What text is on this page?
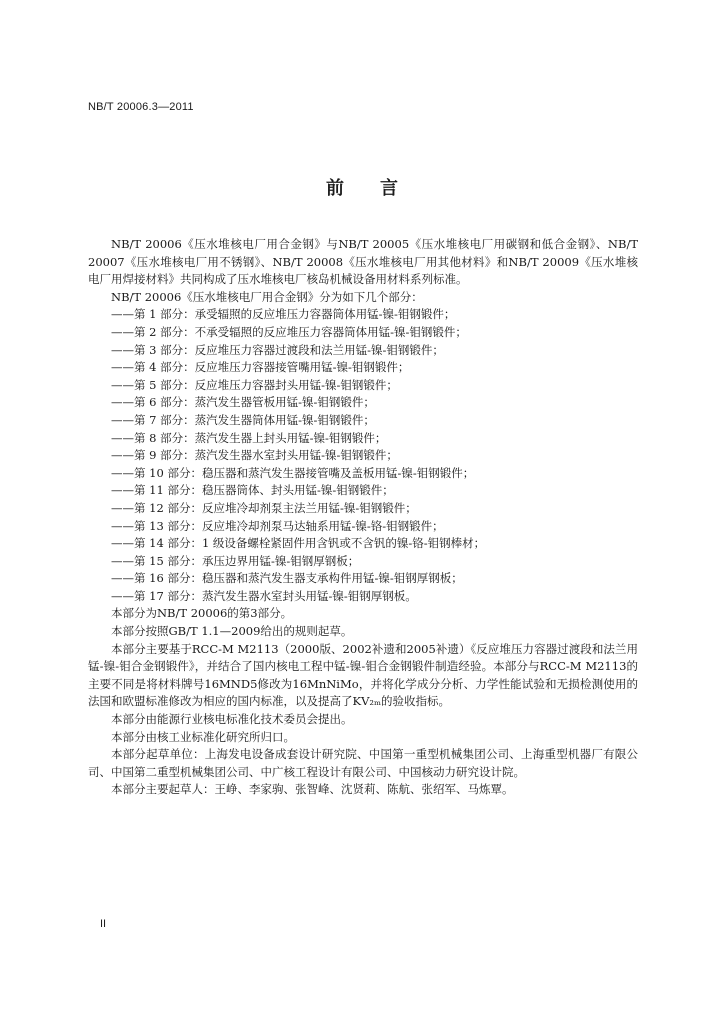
NB/T 20006.3—2011
前言

NB/T 20006《压水堆核电厂用合金钢》与NB/T 20005《压水堆核电厂用碳钢和低合金钢》、NB/T 20007《压水堆核电厂用不锈钢》、NB/T 20008《压水堆核电厂用其他材料》和NB/T 20009《压水堆核电厂用焊接材料》共同构成了压水堆核电厂核岛机械设备用材料系列标准。

NB/T 20006《压水堆核电厂用合金钢》分为如下几个部分：

——第 1 部分：承受辐照的反应堆压力容器筒体用锰-镍-钼钢锻件；

——第 2 部分：不承受辐照的反应堆压力容器筒体用锰-镍-钼钢锻件；

——第 3 部分：反应堆压力容器过渡段和法兰用锰-镍-钼钢锻件；

——第 4 部分：反应堆压力容器接管嘴用锰-镍-钼钢锻件；

——第 5 部分：反应堆压力容器封头用锰-镍-钼钢锻件；

——第 6 部分：蒸汽发生器管板用锰-镍-钼钢锻件；

——第 7 部分：蒸汽发生器筒体用锰-镍-钼钢锻件；

——第 8 部分：蒸汽发生器上封头用锰-镍-钼钢锻件；

——第 9 部分：蒸汽发生器水室封头用锰-镍-钼钢锻件；

——第 10 部分：稳压器和蒸汽发生器接管嘴及盖板用锰-镍-钼钢锻件；

——第 11 部分：稳压器筒体、封头用锰-镍-钼钢锻件；

——第 12 部分：反应堆冷却剂泵主法兰用锰-镍-钼钢锻件；

——第 13 部分：反应堆冷却剂泵马达轴系用锰-镍-铬-钼钢锻件；

——第 14 部分：1 级设备螺栓紧固件用含钒或不含钒的镍-铬-钼钢棒材；

——第 15 部分：承压边界用锰-镍-钼钢厚钢板；

——第 16 部分：稳压器和蒸汽发生器支承构件用锰-镍-钼钢厚钢板；

——第 17 部分：蒸汽发生器水室封头用锰-镍-钼钢厚钢板。

本部分为NB/T 20006的第3部分。

本部分按照GB/T 1.1—2009给出的规则起草。

本部分主要基于RCC-M M2113（2000版、2002补遗和2005补遗）《反应堆压力容器过渡段和法兰用锰-镍-钼合金钢锻件》，并结合了国内核电工程中锰-镍-钼合金钢锻件制造经验。本部分与RCC-M M2113的主要不同是将材料牌号16MND5修改为16MnNiMo，并将化学成分分析、力学性能试验和无损检测使用的法国和欧盟标准修改为相应的国内标准，以及提高了KV₂ₘ的验收指标。

本部分由能源行业核电标准化技术委员会提出。

本部分由核工业标准化研究所归口。

本部分起草单位：上海发电设备成套设计研究院、中国第一重型机械集团公司、上海重型机器厂有限公司、中国第二重型机械集团公司、中广核工程设计有限公司、中国核动力研究设计院。

本部分主要起草人：王峥、李家驹、张智峰、沈贤莉、陈航、张绍军、马炼覃。

II
